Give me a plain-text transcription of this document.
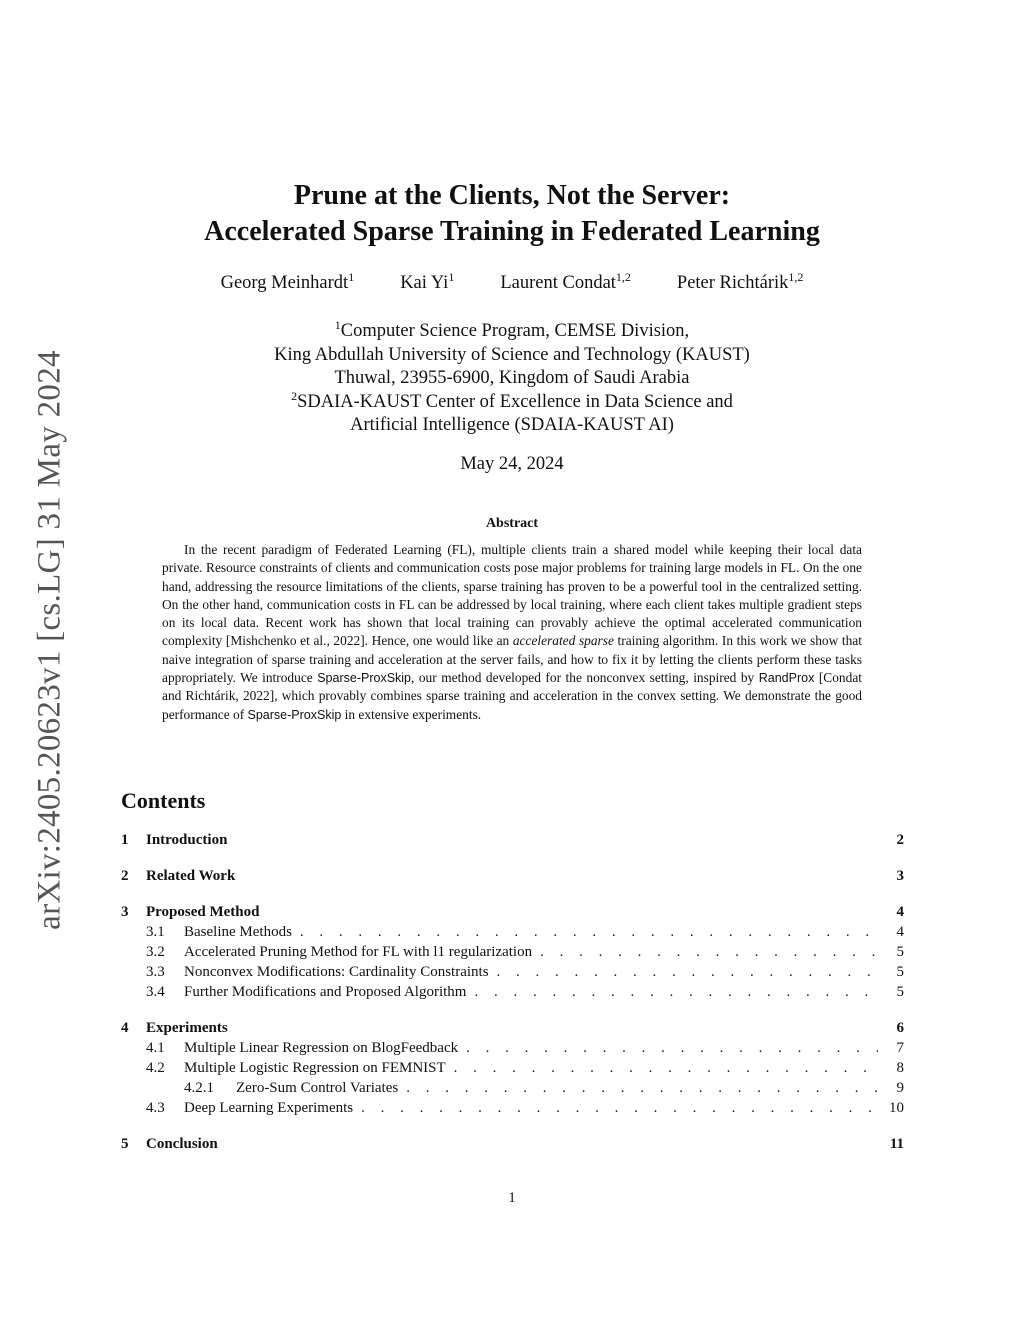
arXiv:2405.20623v1 [cs.LG] 31 May 2024
Prune at the Clients, Not the Server:
Accelerated Sparse Training in Federated Learning
Georg Meinhardt$^1$ Kai Yi$^1$ Laurent Condat$^{1,2}$ Peter Richtárik$^{1,2}$
$^1$Computer Science Program, CEMSE Division,
King Abdullah University of Science and Technology (KAUST)
Thuwal, 23955-6900, Kingdom of Saudi Arabia
$^2$SDAIA-KAUST Center of Excellence in Data Science and
Artificial Intelligence (SDAIA-KAUST AI)
May 24, 2024
Abstract
In the recent paradigm of Federated Learning (FL), multiple clients train a shared model while keeping their local data private. Resource constraints of clients and communication costs pose major problems for training large models in FL. On the one hand, addressing the resource limitations of the clients, sparse training has proven to be a powerful tool in the centralized setting. On the other hand, communication costs in FL can be addressed by local training, where each client takes multiple gradient steps on its local data. Recent work has shown that local training can provably achieve the optimal accelerated communication complexity [Mishchenko et al., 2022]. Hence, one would like an accelerated sparse training algorithm. In this work we show that naive integration of sparse training and acceleration at the server fails, and how to fix it by letting the clients perform these tasks appropriately. We introduce Sparse-ProxSkip, our method developed for the nonconvex setting, inspired by RandProx [Condat and Richtárik, 2022], which provably combines sparse training and acceleration in the convex setting. We demonstrate the good performance of Sparse-ProxSkip in extensive experiments.
Contents
1	Introduction	2
2	Related Work	3
3	Proposed Method	4
3.1	Baseline Methods . . .	4
3.2	Accelerated Pruning Method for FL with l1 regularization . . .	5
3.3	Nonconvex Modifications: Cardinality Constraints . . .	5
3.4	Further Modifications and Proposed Algorithm . . .	5
4	Experiments	6
4.1	Multiple Linear Regression on BlogFeedback . . .	7
4.2	Multiple Logistic Regression on FEMNIST . . .	8
4.2.1	Zero-Sum Control Variates . . .	9
4.3	Deep Learning Experiments . . .	10
5	Conclusion	11
1
